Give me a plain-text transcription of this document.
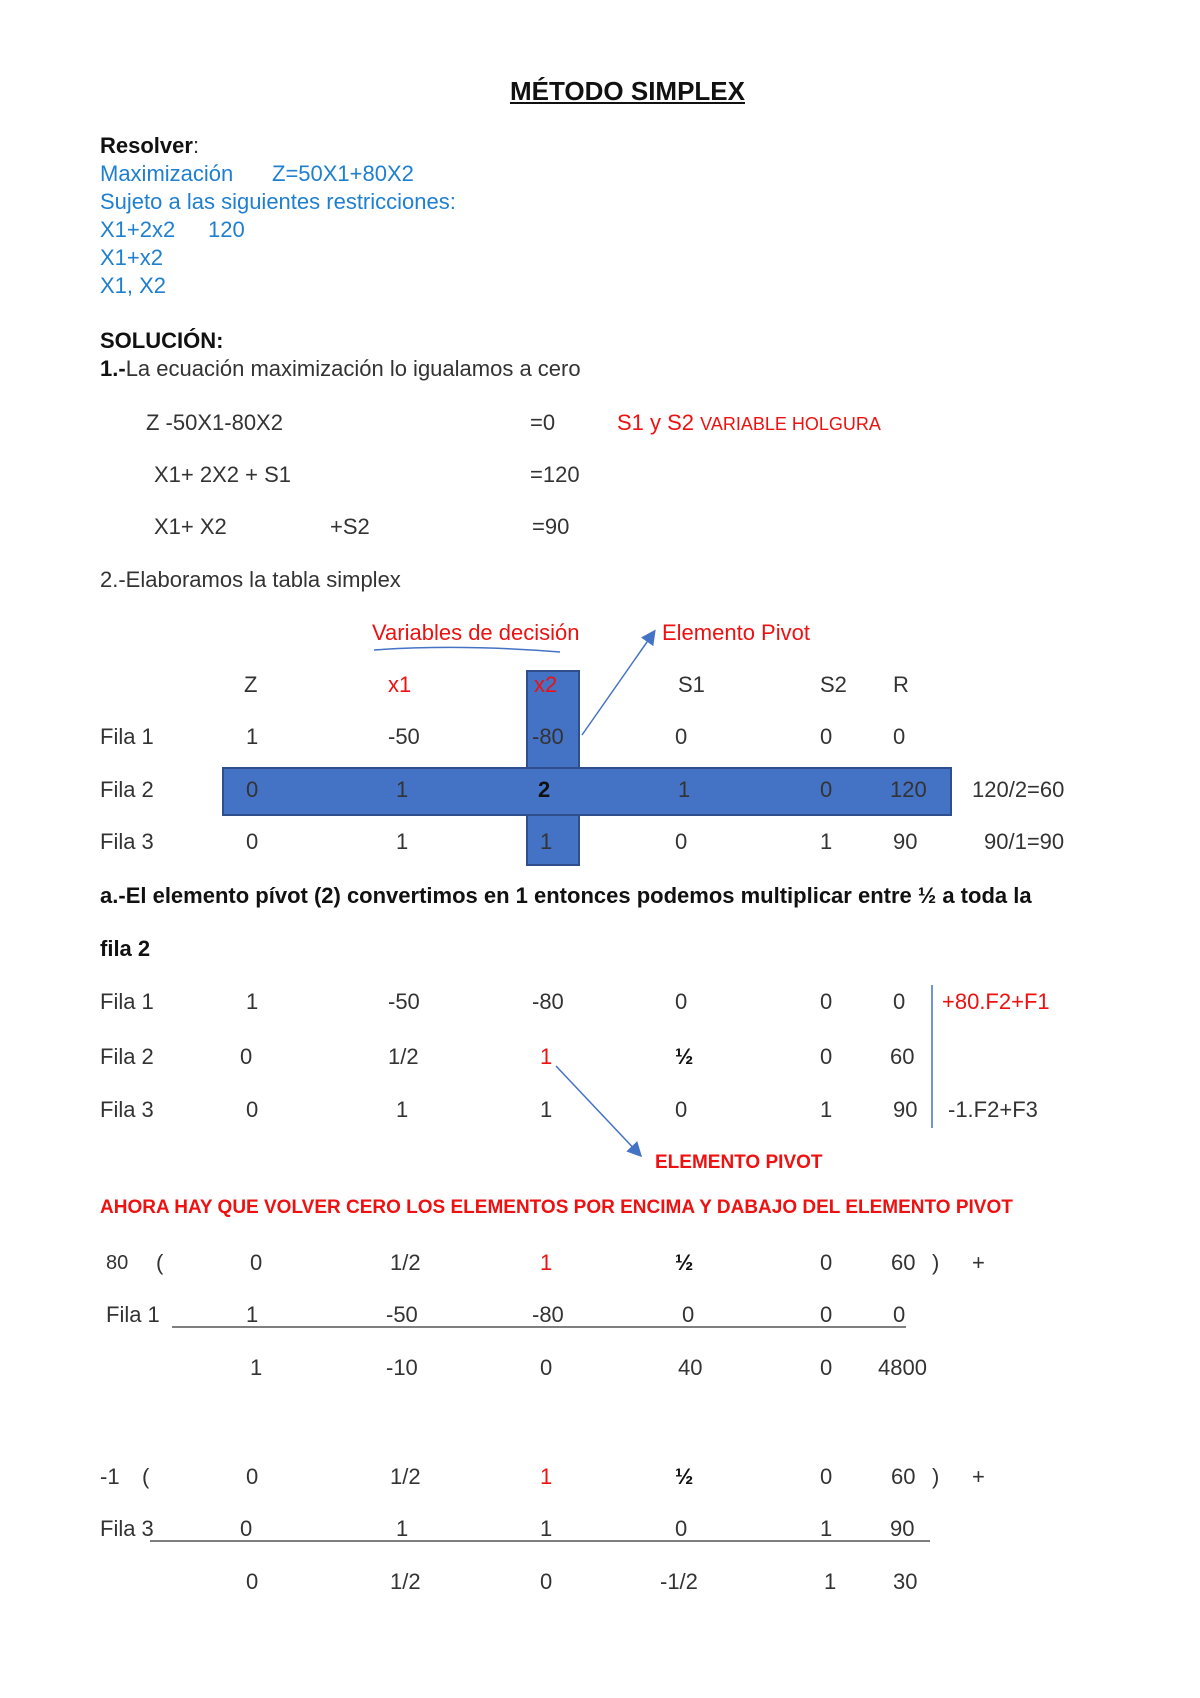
MÉTODO SIMPLEX
Resolver:
Maximización Z=50X1+80X2
Sujeto a las siguientes restricciones:
X1+2x2 120
X1+x2
X1, X2
SOLUCIÓN:
1.-La ecuación maximización lo igualamos a cero
Z -50X1-80X2	=0	S1 y S2 VARIABLE HOLGURA
X1+ 2X2 + S1	=120
X1+ X2	+S2	=90
2.-Elaboramos la tabla simplex
Variables de decisión	Elemento Pivot
Z	x1	x2	S1	S2 R
Fila 1	1	-50	-80	0	0	0
Fila 2	0	1	2	1	0	120 120/2=60
Fila 3	0	1	1	0	1	90	90/1=90
a.-El elemento pívot (2) convertimos en 1 entonces podemos multiplicar entre ½ a toda la
fila 2
Fila 1	1	-50	-80	0	0	0 +80.F2+F1
Fila 2	0	1/2	1	½	0	60
Fila 3	0	1	1	0	1	90 -1.F2+F3
ELEMENTO PIVOT
AHORA HAY QUE VOLVER CERO LOS ELEMENTOS POR ENCIMA Y DABAJO DEL ELEMENTO PIVOT
80 (	0	1/2	1	½	0	60 ) +
Fila 1	1	-50	-80	0	0	0
1	-10	0	40	0 4800
-1 (	0	1/2	1	½	0	60 ) +
Fila 3	0	1	1	0	1	90
0	1/2	0	-1/2	1	30
